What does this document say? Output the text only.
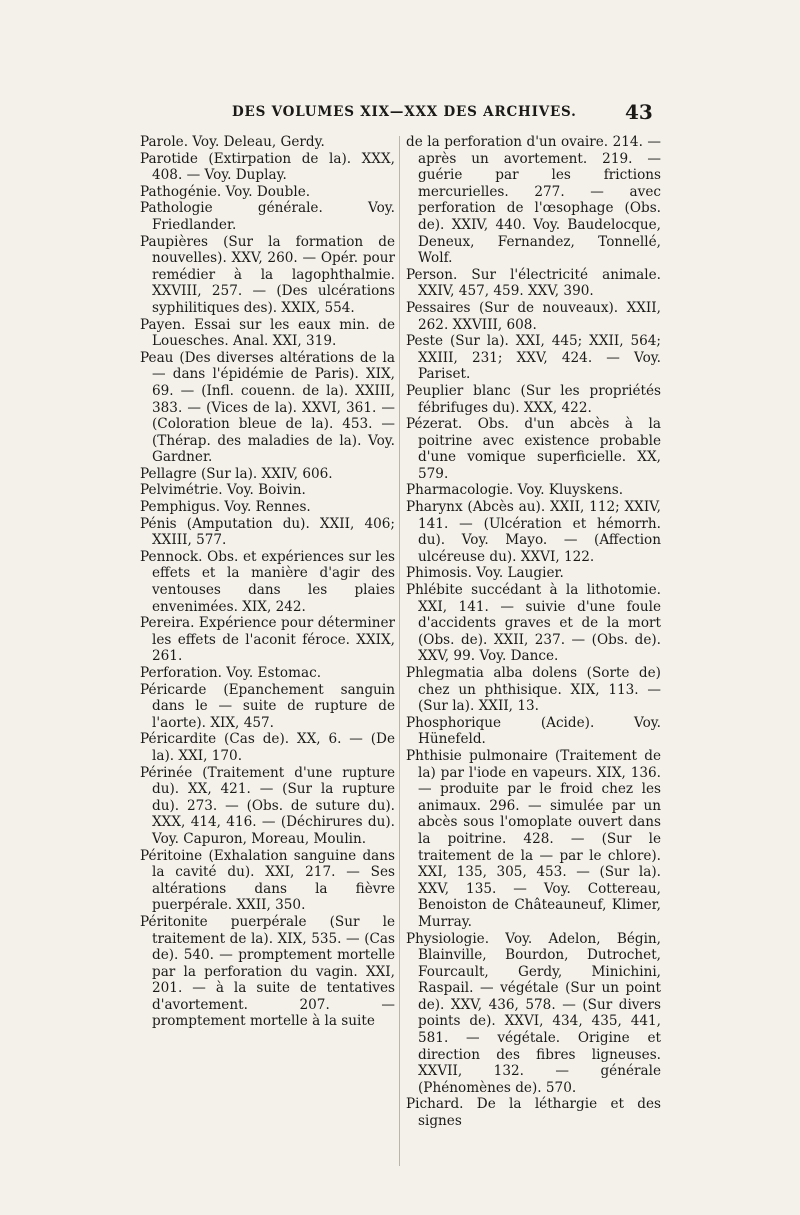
DES VOLUMES XIX—XXX DES ARCHIVES. 43

Parole. Voy. Deleau, Gerdy.

Parotide (Extirpation de la). XXX, 408. — Voy. Duplay.

Pathogénie. Voy. Double.

Pathologie générale. Voy. Friedlander.

Paupières (Sur la formation de nouvelles). XXV, 260. — Opér. pour remédier à la lagophthalmie. XXVIII, 257. — (Des ulcérations syphilitiques des). XXIX, 554.

Payen. Essai sur les eaux min. de Louesches. Anal. XXI, 319.

Peau (Des diverses altérations de la — dans l'épidémie de Paris). XIX, 69. — (Infl. couenn. de la). XXIII, 383. — (Vices de la). XXVI, 361. — (Coloration bleue de la). 453. — (Thérap. des maladies de la). Voy. Gardner.

Pellagre (Sur la). XXIV, 606.

Pelvimétrie. Voy. Boivin.

Pemphigus. Voy. Rennes.

Pénis (Amputation du). XXII, 406; XXIII, 577.

Pennock. Obs. et expériences sur les effets et la manière d'agir des ventouses dans les plaies envenimées. XIX, 242.

Pereira. Expérience pour déterminer les effets de l'aconit féroce. XXIX, 261.

Perforation. Voy. Estomac.

Péricarde (Epanchement sanguin dans le — suite de rupture de l'aorte). XIX, 457.

Péricardite (Cas de). XX, 6. — (De la). XXI, 170.

Périnée (Traitement d'une rupture du). XX, 421. — (Sur la rupture du). 273. — (Obs. de suture du). XXX, 414, 416. — (Déchirures du). Voy. Capuron, Moreau, Moulin.

Péritoine (Exhalation sanguine dans la cavité du). XXI, 217. — Ses altérations dans la fièvre puerpérale. XXII, 350.

Péritonite puerpérale (Sur le traitement de la). XIX, 535. — (Cas de). 540. — promptement mortelle par la perforation du vagin. XXI, 201. — à la suite de tentatives d'avortement. 207. — promptement mortelle à la suite

de la perforation d'un ovaire. 214. — après un avortement. 219. — guérie par les frictions mercurielles. 277. — avec perforation de l'œsophage (Obs. de). XXIV, 440. Voy. Baudelocque, Deneux, Fernandez, Tonnellé, Wolf.

Person. Sur l'électricité animale. XXIV, 457, 459. XXV, 390.

Pessaires (Sur de nouveaux). XXII, 262. XXVIII, 608.

Peste (Sur la). XXI, 445; XXII, 564; XXIII, 231; XXV, 424. — Voy. Pariset.

Peuplier blanc (Sur les propriétés fébrifuges du). XXX, 422.

Pézerat. Obs. d'un abcès à la poitrine avec existence probable d'une vomique superficielle. XX, 579.

Pharmacologie. Voy. Kluyskens.

Pharynx (Abcès au). XXII, 112; XXIV, 141. — (Ulcération et hémorrh. du). Voy. Mayo. — (Affection ulcéreuse du). XXVI, 122.

Phimosis. Voy. Laugier.

Phlébite succédant à la lithotomie. XXI, 141. — suivie d'une foule d'accidents graves et de la mort (Obs. de). XXII, 237. — (Obs. de). XXV, 99. Voy. Dance.

Phlegmatia alba dolens (Sorte de) chez un phthisique. XIX, 113. — (Sur la). XXII, 13.

Phosphorique (Acide). Voy. Hünefeld.

Phthisie pulmonaire (Traitement de la) par l'iode en vapeurs. XIX, 136. — produite par le froid chez les animaux. 296. — simulée par un abcès sous l'omoplate ouvert dans la poitrine. 428. — (Sur le traitement de la — par le chlore). XXI, 135, 305, 453. — (Sur la). XXV, 135. — Voy. Cottereau, Benoiston de Châteauneuf, Klimer, Murray.

Physiologie. Voy. Adelon, Bégin, Blainville, Bourdon, Dutrochet, Fourcault, Gerdy, Minichini, Raspail. — végétale (Sur un point de). XXV, 436, 578. — (Sur divers points de). XXVI, 434, 435, 441, 581. — végétale. Origine et direction des fibres ligneuses. XXVII, 132. — générale (Phénomènes de). 570.

Pichard. De la léthargie et des signes
